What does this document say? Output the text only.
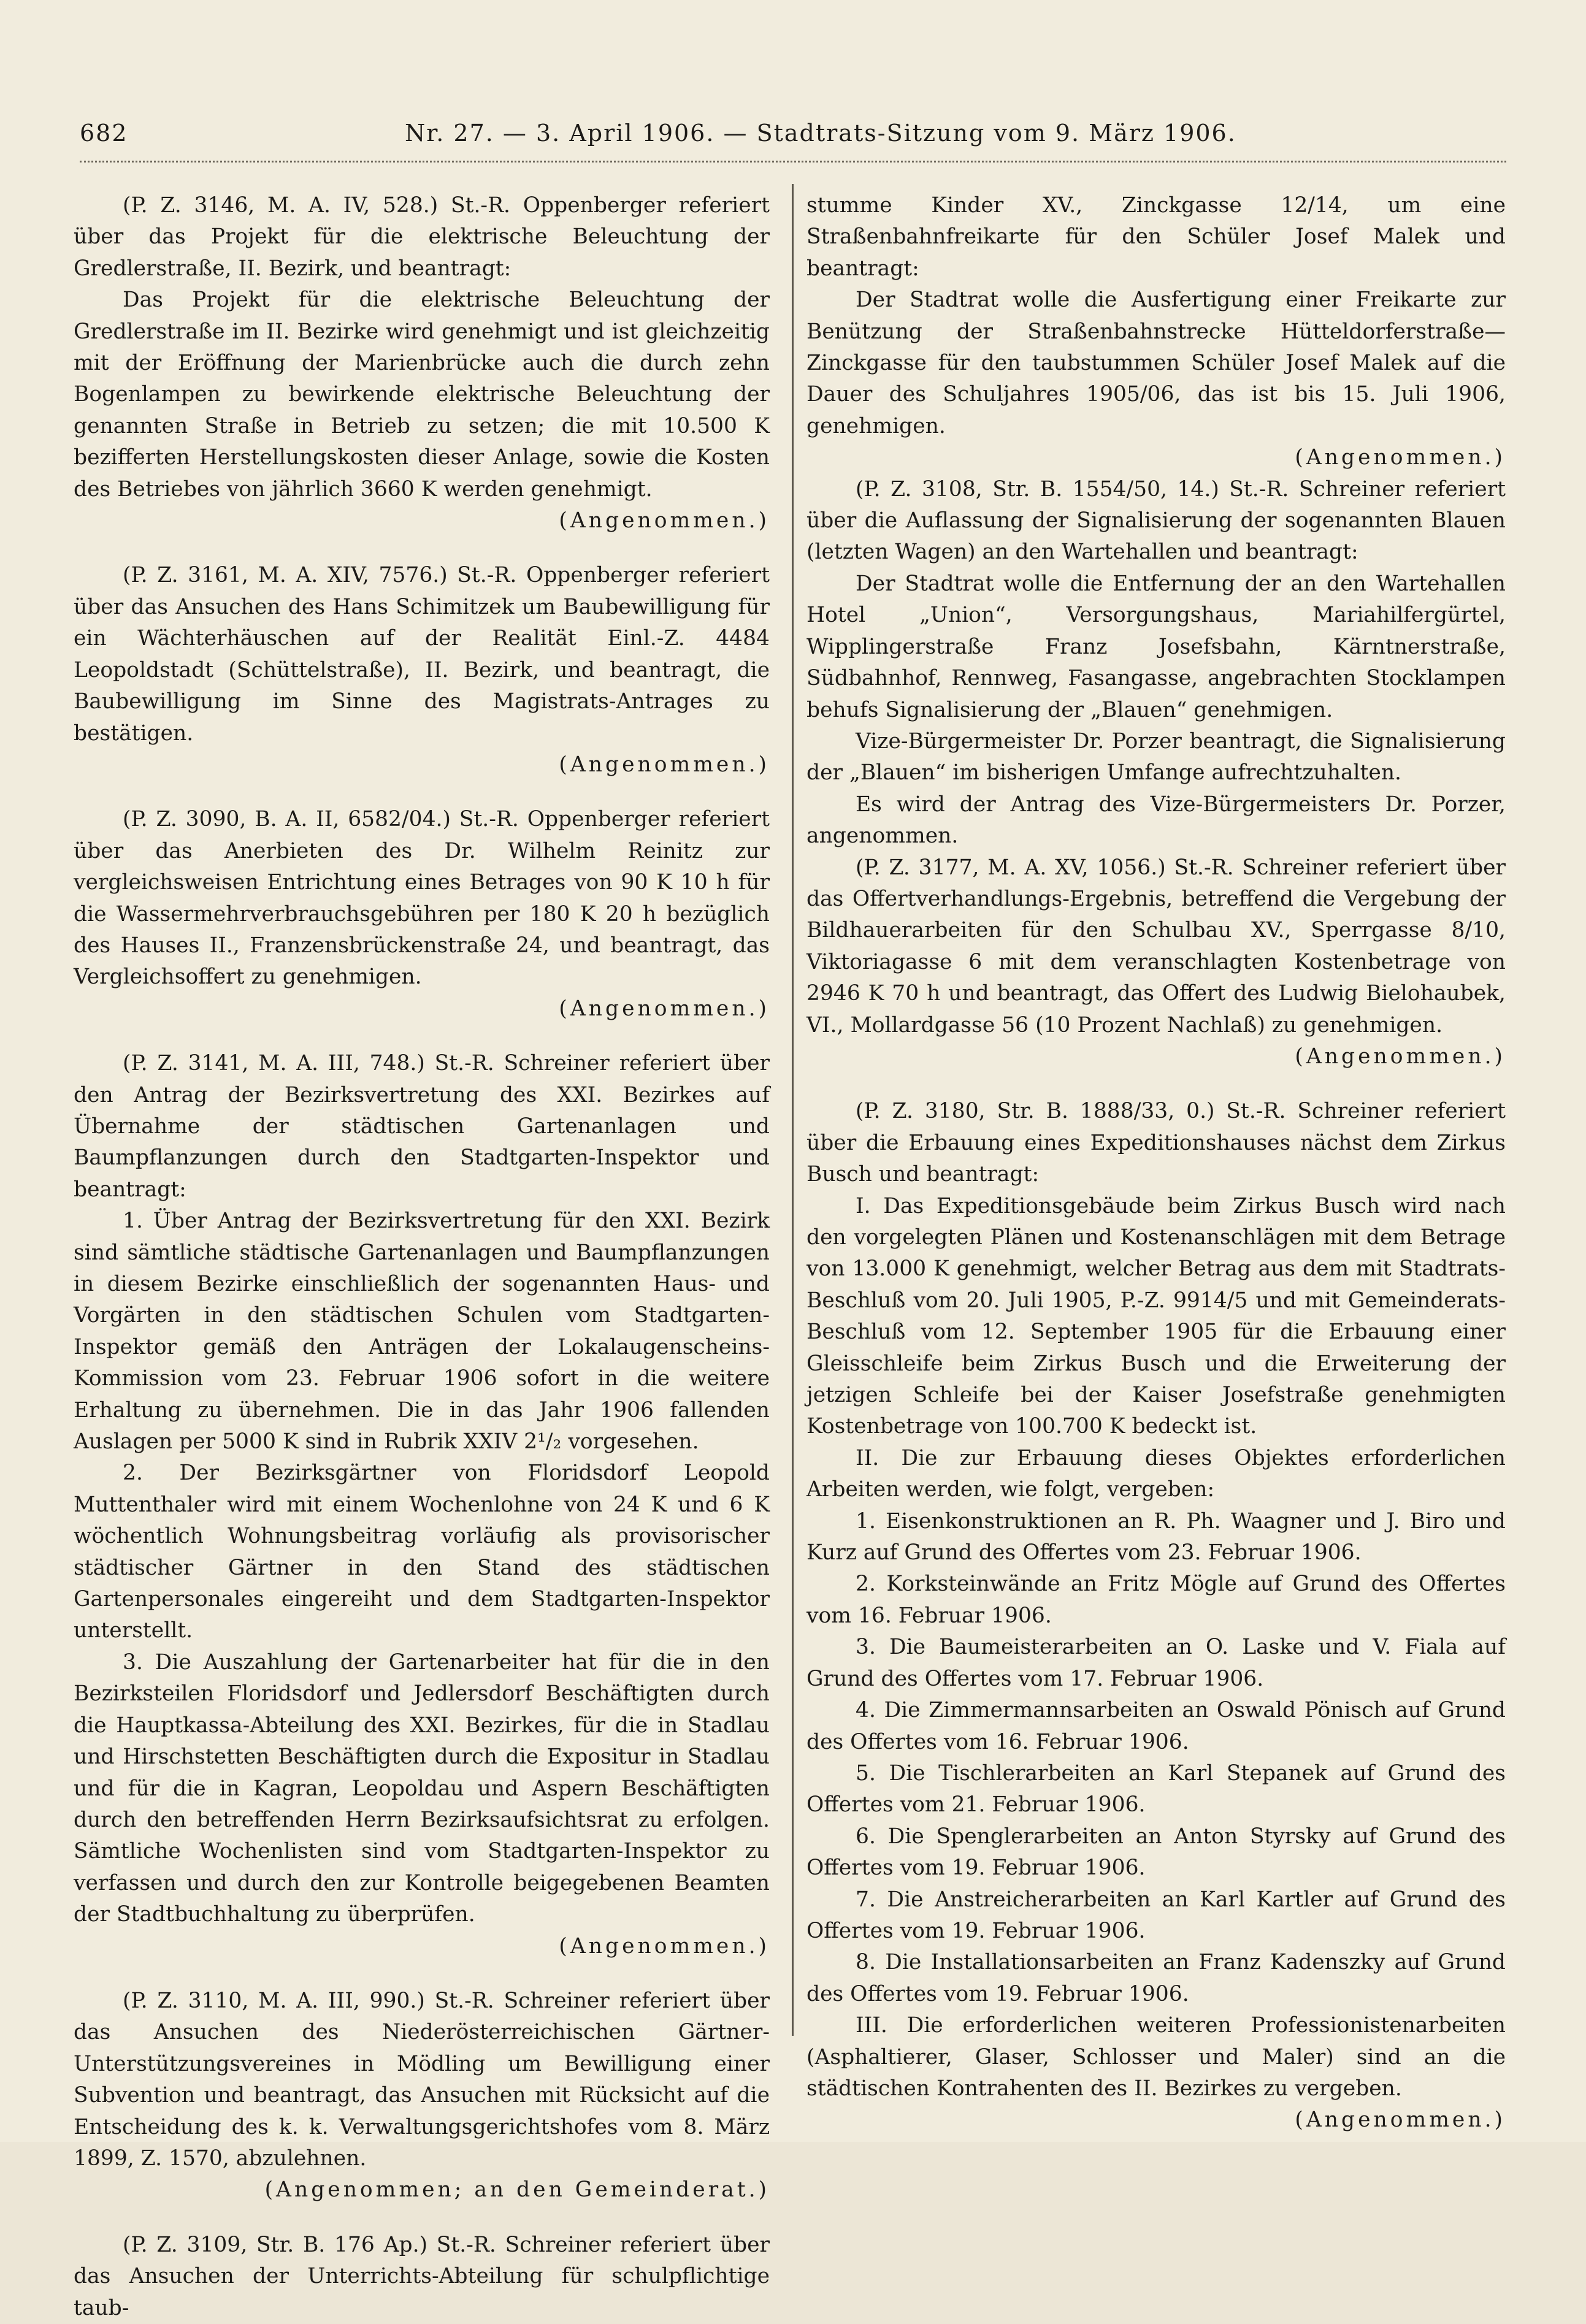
682	Nr. 27. — 3. April 1906. — Stadtrats-Sitzung vom 9. März 1906.

(P. Z. 3146, M. A. IV, 528.) St.-R. Oppenberger referiert über das Projekt für die elektrische Beleuchtung der Gredlerstraße, II. Bezirk, und beantragt:

Das Projekt für die elektrische Beleuchtung der Gredlerstraße im II. Bezirke wird genehmigt und ist gleichzeitig mit der Eröffnung der Marienbrücke auch die durch zehn Bogenlampen zu bewirkende elektrische Beleuchtung der genannten Straße in Betrieb zu setzen; die mit 10.500 K bezifferten Herstellungskosten dieser Anlage, sowie die Kosten des Betriebes von jährlich 3660 K werden genehmigt.

(Angenommen.)

(P. Z. 3161, M. A. XIV, 7576.) St.-R. Oppenberger referiert über das Ansuchen des Hans Schimitzek um Baubewilligung für ein Wächterhäuschen auf der Realität Einl.-Z. 4484 Leopoldstadt (Schüttelstraße), II. Bezirk, und beantragt, die Baubewilligung im Sinne des Magistrats-Antrages zu bestätigen.

(Angenommen.)

(P. Z. 3090, B. A. II, 6582/04.) St.-R. Oppenberger referiert über das Anerbieten des Dr. Wilhelm Reinitz zur vergleichsweisen Entrichtung eines Betrages von 90 K 10 h für die Wassermehrverbrauchsgebühren per 180 K 20 h bezüglich des Hauses II., Franzensbrückenstraße 24, und beantragt, das Vergleichsoffert zu genehmigen.

(Angenommen.)

(P. Z. 3141, M. A. III, 748.) St.-R. Schreiner referiert über den Antrag der Bezirksvertretung des XXI. Bezirkes auf Übernahme der städtischen Gartenanlagen und Baumpflanzungen durch den Stadtgarten-Inspektor und beantragt:

1. Über Antrag der Bezirksvertretung für den XXI. Bezirk sind sämtliche städtische Gartenanlagen und Baumpflanzungen in diesem Bezirke einschließlich der sogenannten Haus- und Vorgärten in den städtischen Schulen vom Stadtgarten-Inspektor gemäß den Anträgen der Lokalaugenscheins-Kommission vom 23. Februar 1906 sofort in die weitere Erhaltung zu übernehmen. Die in das Jahr 1906 fallenden Auslagen per 5000 K sind in Rubrik XXIV 2¹/₂ vorgesehen.

2. Der Bezirksgärtner von Floridsdorf Leopold Muttenthaler wird mit einem Wochenlohne von 24 K und 6 K wöchentlich Wohnungsbeitrag vorläufig als provisorischer städtischer Gärtner in den Stand des städtischen Gartenpersonales eingereiht und dem Stadtgarten-Inspektor unterstellt.

3. Die Auszahlung der Gartenarbeiter hat für die in den Bezirksteilen Floridsdorf und Jedlersdorf Beschäftigten durch die Hauptkassa-Abteilung des XXI. Bezirkes, für die in Stadlau und Hirschstetten Beschäftigten durch die Expositur in Stadlau und für die in Kagran, Leopoldau und Aspern Beschäftigten durch den betreffenden Herrn Bezirksaufsichtsrat zu erfolgen. Sämtliche Wochenlisten sind vom Stadtgarten-Inspektor zu verfassen und durch den zur Kontrolle beigegebenen Beamten der Stadtbuchhaltung zu überprüfen.

(Angenommen.)

(P. Z. 3110, M. A. III, 990.) St.-R. Schreiner referiert über das Ansuchen des Niederösterreichischen Gärtner-Unterstützungsvereines in Mödling um Bewilligung einer Subvention und beantragt, das Ansuchen mit Rücksicht auf die Entscheidung des k. k. Verwaltungsgerichtshofes vom 8. März 1899, Z. 1570, abzulehnen.

(Angenommen; an den Gemeinderat.)

(P. Z. 3109, Str. B. 176 Ap.) St.-R. Schreiner referiert über das Ansuchen der Unterrichts-Abteilung für schulpflichtige taub-

stumme Kinder XV., Zinckgasse 12/14, um eine Straßenbahnfreikarte für den Schüler Josef Malek und beantragt:

Der Stadtrat wolle die Ausfertigung einer Freikarte zur Benützung der Straßenbahnstrecke Hütteldorferstraße—Zinckgasse für den taubstummen Schüler Josef Malek auf die Dauer des Schuljahres 1905/06, das ist bis 15. Juli 1906, genehmigen.

(Angenommen.)

(P. Z. 3108, Str. B. 1554/50, 14.) St.-R. Schreiner referiert über die Auflassung der Signalisierung der sogenannten Blauen (letzten Wagen) an den Wartehallen und beantragt:

Der Stadtrat wolle die Entfernung der an den Wartehallen Hotel „Union“, Versorgungshaus, Mariahilfergürtel, Wipplingerstraße Franz Josefsbahn, Kärntnerstraße, Südbahnhof, Rennweg, Fasangasse, angebrachten Stocklampen behufs Signalisierung der „Blauen“ genehmigen.

Vize-Bürgermeister Dr. Porzer beantragt, die Signalisierung der „Blauen“ im bisherigen Umfange aufrechtzuhalten.

Es wird der Antrag des Vize-Bürgermeisters Dr. Porzer, angenommen.

(P. Z. 3177, M. A. XV, 1056.) St.-R. Schreiner referiert über das Offertverhandlungs-Ergebnis, betreffend die Vergebung der Bildhauerarbeiten für den Schulbau XV., Sperrgasse 8/10, Viktoriagasse 6 mit dem veranschlagten Kostenbetrage von 2946 K 70 h und beantragt, das Offert des Ludwig Bielohaubek, VI., Mollardgasse 56 (10 Prozent Nachlaß) zu genehmigen.

(Angenommen.)

(P. Z. 3180, Str. B. 1888/33, 0.) St.-R. Schreiner referiert über die Erbauung eines Expeditionshauses nächst dem Zirkus Busch und beantragt:

I. Das Expeditionsgebäude beim Zirkus Busch wird nach den vorgelegten Plänen und Kostenanschlägen mit dem Betrage von 13.000 K genehmigt, welcher Betrag aus dem mit Stadtrats-Beschluß vom 20. Juli 1905, P.-Z. 9914/5 und mit Gemeinderats-Beschluß vom 12. September 1905 für die Erbauung einer Gleisschleife beim Zirkus Busch und die Erweiterung der jetzigen Schleife bei der Kaiser Josefstraße genehmigten Kostenbetrage von 100.700 K bedeckt ist.

II. Die zur Erbauung dieses Objektes erforderlichen Arbeiten werden, wie folgt, vergeben:

1. Eisenkonstruktionen an R. Ph. Waagner und J. Biro und Kurz auf Grund des Offertes vom 23. Februar 1906.

2. Korksteinwände an Fritz Mögle auf Grund des Offertes vom 16. Februar 1906.

3. Die Baumeisterarbeiten an O. Laske und V. Fiala auf Grund des Offertes vom 17. Februar 1906.

4. Die Zimmermannsarbeiten an Oswald Pönisch auf Grund des Offertes vom 16. Februar 1906.

5. Die Tischlerarbeiten an Karl Stepanek auf Grund des Offertes vom 21. Februar 1906.

6. Die Spenglerarbeiten an Anton Styrsky auf Grund des Offertes vom 19. Februar 1906.

7. Die Anstreicherarbeiten an Karl Kartler auf Grund des Offertes vom 19. Februar 1906.

8. Die Installationsarbeiten an Franz Kadenszky auf Grund des Offertes vom 19. Februar 1906.

III. Die erforderlichen weiteren Professionistenarbeiten (Asphaltierer, Glaser, Schlosser und Maler) sind an die städtischen Kontrahenten des II. Bezirkes zu vergeben.

(Angenommen.)
